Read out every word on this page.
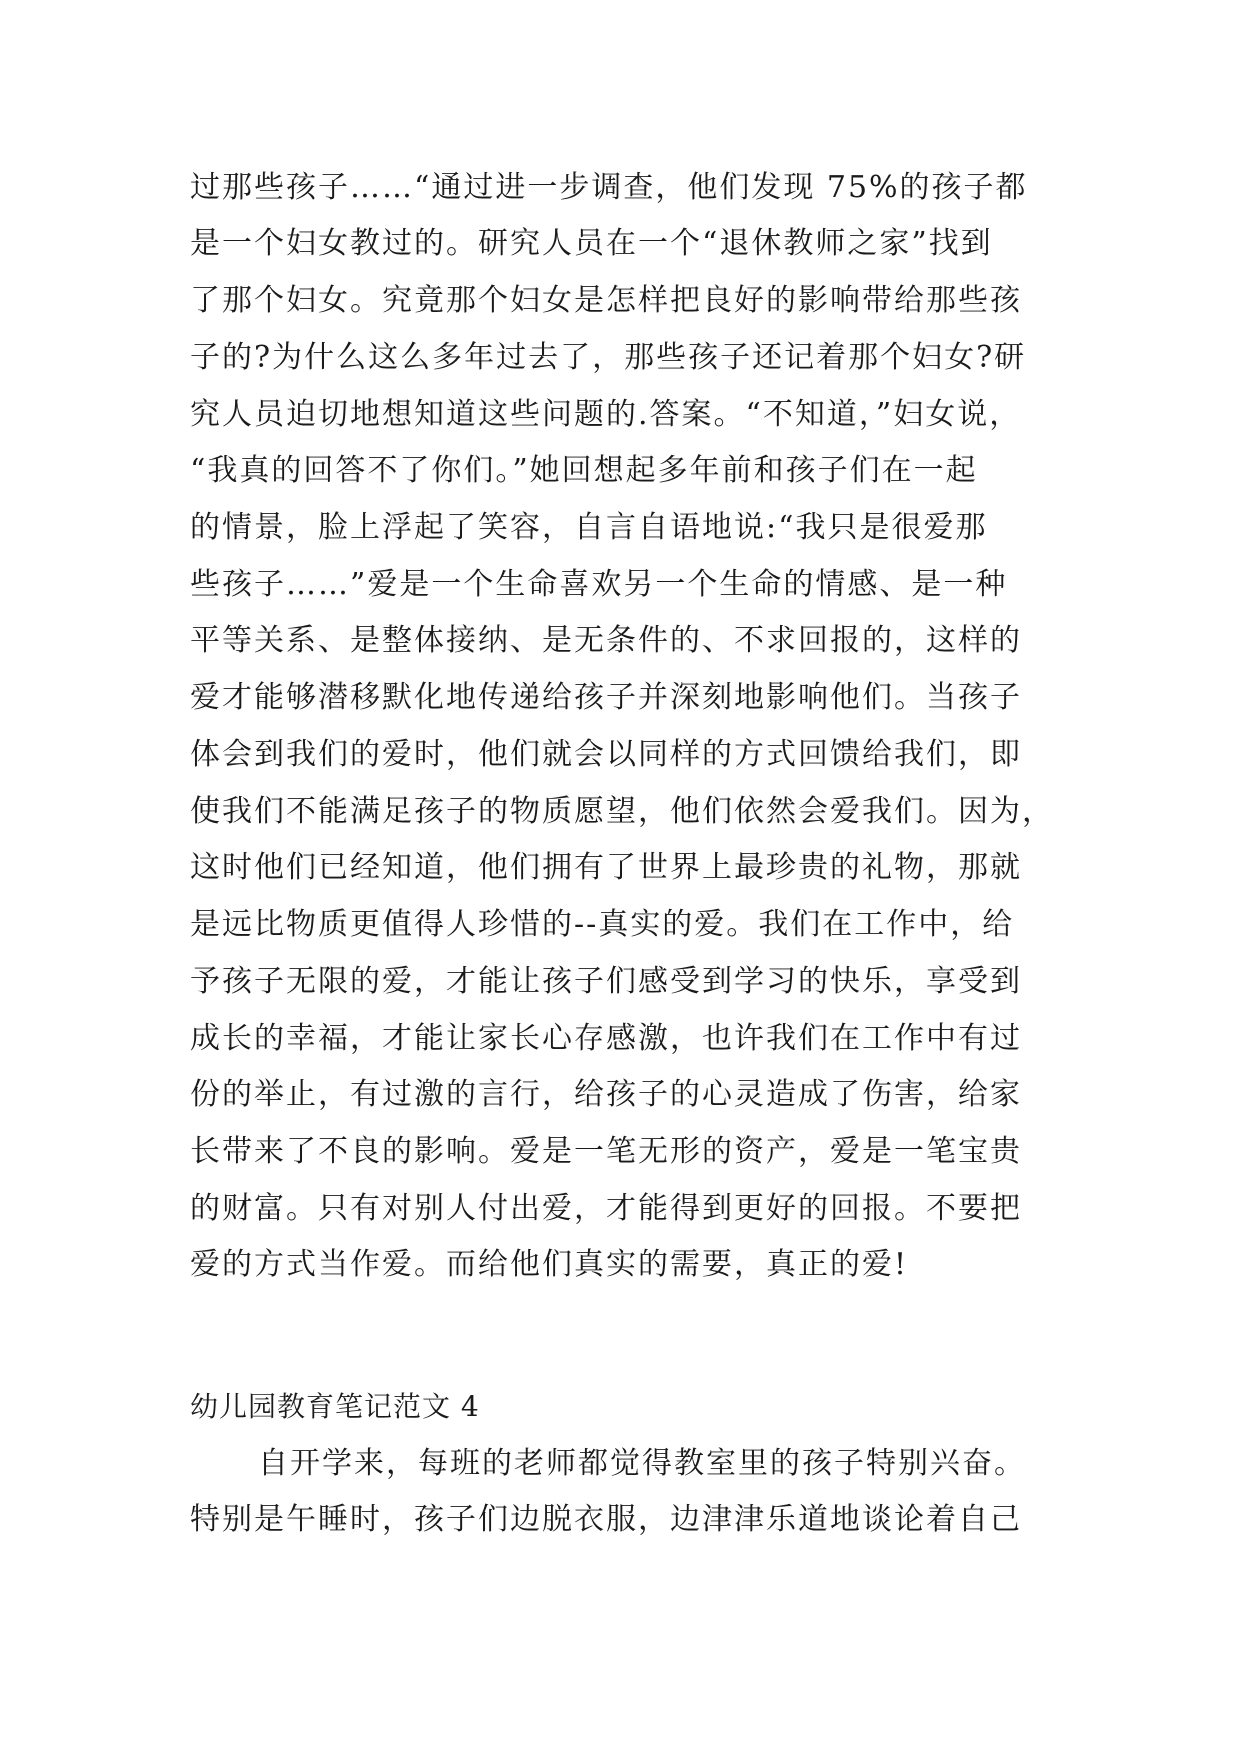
过那些孩子……“通过进一步调查，他们发现 75%的孩子都
是一个妇女教过的。研究人员在一个“退休教师之家”找到
了那个妇女。究竟那个妇女是怎样把良好的影响带给那些孩
子的?为什么这么多年过去了，那些孩子还记着那个妇女?研
究人员迫切地想知道这些问题的.答案。“不知道，”妇女说，
“我真的回答不了你们。”她回想起多年前和孩子们在一起
的情景，脸上浮起了笑容，自言自语地说:“我只是很爱那
些孩子……”爱是一个生命喜欢另一个生命的情感、是一种
平等关系、是整体接纳、是无条件的、不求回报的，这样的
爱才能够潜移默化地传递给孩子并深刻地影响他们。当孩子
体会到我们的爱时，他们就会以同样的方式回馈给我们，即
使我们不能满足孩子的物质愿望，他们依然会爱我们。因为，
这时他们已经知道，他们拥有了世界上最珍贵的礼物，那就
是远比物质更值得人珍惜的--真实的爱。我们在工作中，给
予孩子无限的爱，才能让孩子们感受到学习的快乐，享受到
成长的幸福，才能让家长心存感激，也许我们在工作中有过
份的举止，有过激的言行，给孩子的心灵造成了伤害，给家
长带来了不良的影响。爱是一笔无形的资产，爱是一笔宝贵
的财富。只有对别人付出爱，才能得到更好的回报。不要把
爱的方式当作爱。而给他们真实的需要，真正的爱!
幼儿园教育笔记范文 4
自开学来，每班的老师都觉得教室里的孩子特别兴奋。
特别是午睡时，孩子们边脱衣服，边津津乐道地谈论着自己
